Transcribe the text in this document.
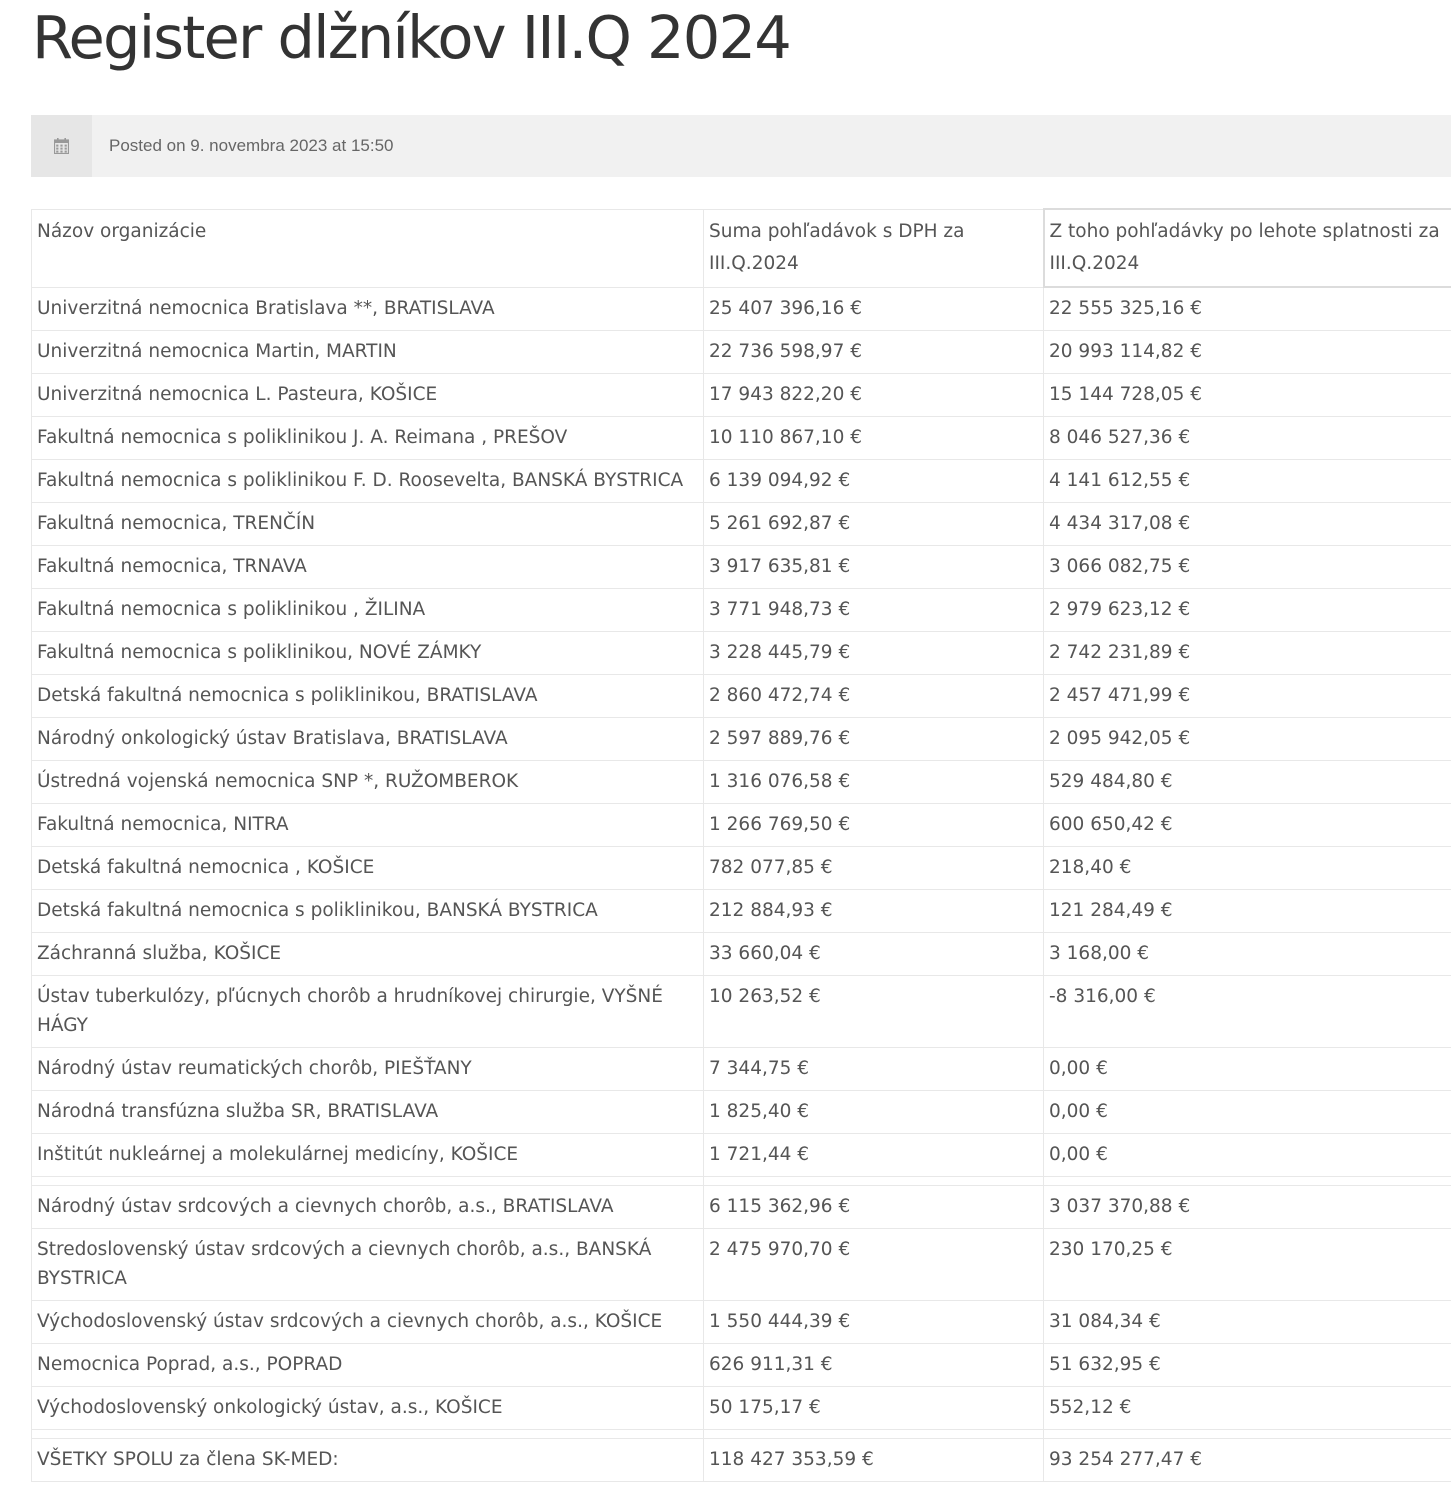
Register dlžníkov III.Q 2024
Posted on 9. novembra 2023 at 15:50
Názov organizácie	Suma pohľadávok s DPH za III.Q.2024	Z toho pohľadávky po lehote splatnosti za III.Q.2024
Univerzitná nemocnica Bratislava **, BRATISLAVA	25 407 396,16 €	22 555 325,16 €
Univerzitná nemocnica Martin, MARTIN	22 736 598,97 €	20 993 114,82 €
Univerzitná nemocnica L. Pasteura, KOŠICE	17 943 822,20 €	15 144 728,05 €
Fakultná nemocnica s poliklinikou J. A. Reimana , PREŠOV	10 110 867,10 €	8 046 527,36 €
Fakultná nemocnica s poliklinikou F. D. Roosevelta, BANSKÁ BYSTRICA	6 139 094,92 €	4 141 612,55 €
Fakultná nemocnica, TRENČÍN	5 261 692,87 €	4 434 317,08 €
Fakultná nemocnica, TRNAVA	3 917 635,81 €	3 066 082,75 €
Fakultná nemocnica s poliklinikou , ŽILINA	3 771 948,73 €	2 979 623,12 €
Fakultná nemocnica s poliklinikou, NOVÉ ZÁMKY	3 228 445,79 €	2 742 231,89 €
Detská fakultná nemocnica s poliklinikou, BRATISLAVA	2 860 472,74 €	2 457 471,99 €
Národný onkologický ústav Bratislava, BRATISLAVA	2 597 889,76 €	2 095 942,05 €
Ústredná vojenská nemocnica SNP *, RUŽOMBEROK	1 316 076,58 €	529 484,80 €
Fakultná nemocnica, NITRA	1 266 769,50 €	600 650,42 €
Detská fakultná nemocnica , KOŠICE	782 077,85 €	218,40 €
Detská fakultná nemocnica s poliklinikou, BANSKÁ BYSTRICA	212 884,93 €	121 284,49 €
Záchranná služba, KOŠICE	33 660,04 €	3 168,00 €
Ústav tuberkulózy, pľúcnych chorôb a hrudníkovej chirurgie, VYŠNÉ HÁGY	10 263,52 €	-8 316,00 €
Národný ústav reumatických chorôb, PIEŠŤANY	7 344,75 €	0,00 €
Národná transfúzna služba SR, BRATISLAVA	1 825,40 €	0,00 €
Inštitút nukleárnej a molekulárnej medicíny, KOŠICE	1 721,44 €	0,00 €

Národný ústav srdcových a cievnych chorôb, a.s., BRATISLAVA	6 115 362,96 €	3 037 370,88 €
Stredoslovenský ústav srdcových a cievnych chorôb, a.s., BANSKÁ BYSTRICA	2 475 970,70 €	230 170,25 €
Východoslovenský ústav srdcových a cievnych chorôb, a.s., KOŠICE	1 550 444,39 €	31 084,34 €
Nemocnica Poprad, a.s., POPRAD	626 911,31 €	51 632,95 €
Východoslovenský onkologický ústav, a.s., KOŠICE	50 175,17 €	552,12 €

VŠETKY SPOLU za člena SK-MED:	118 427 353,59 €	93 254 277,47 €
